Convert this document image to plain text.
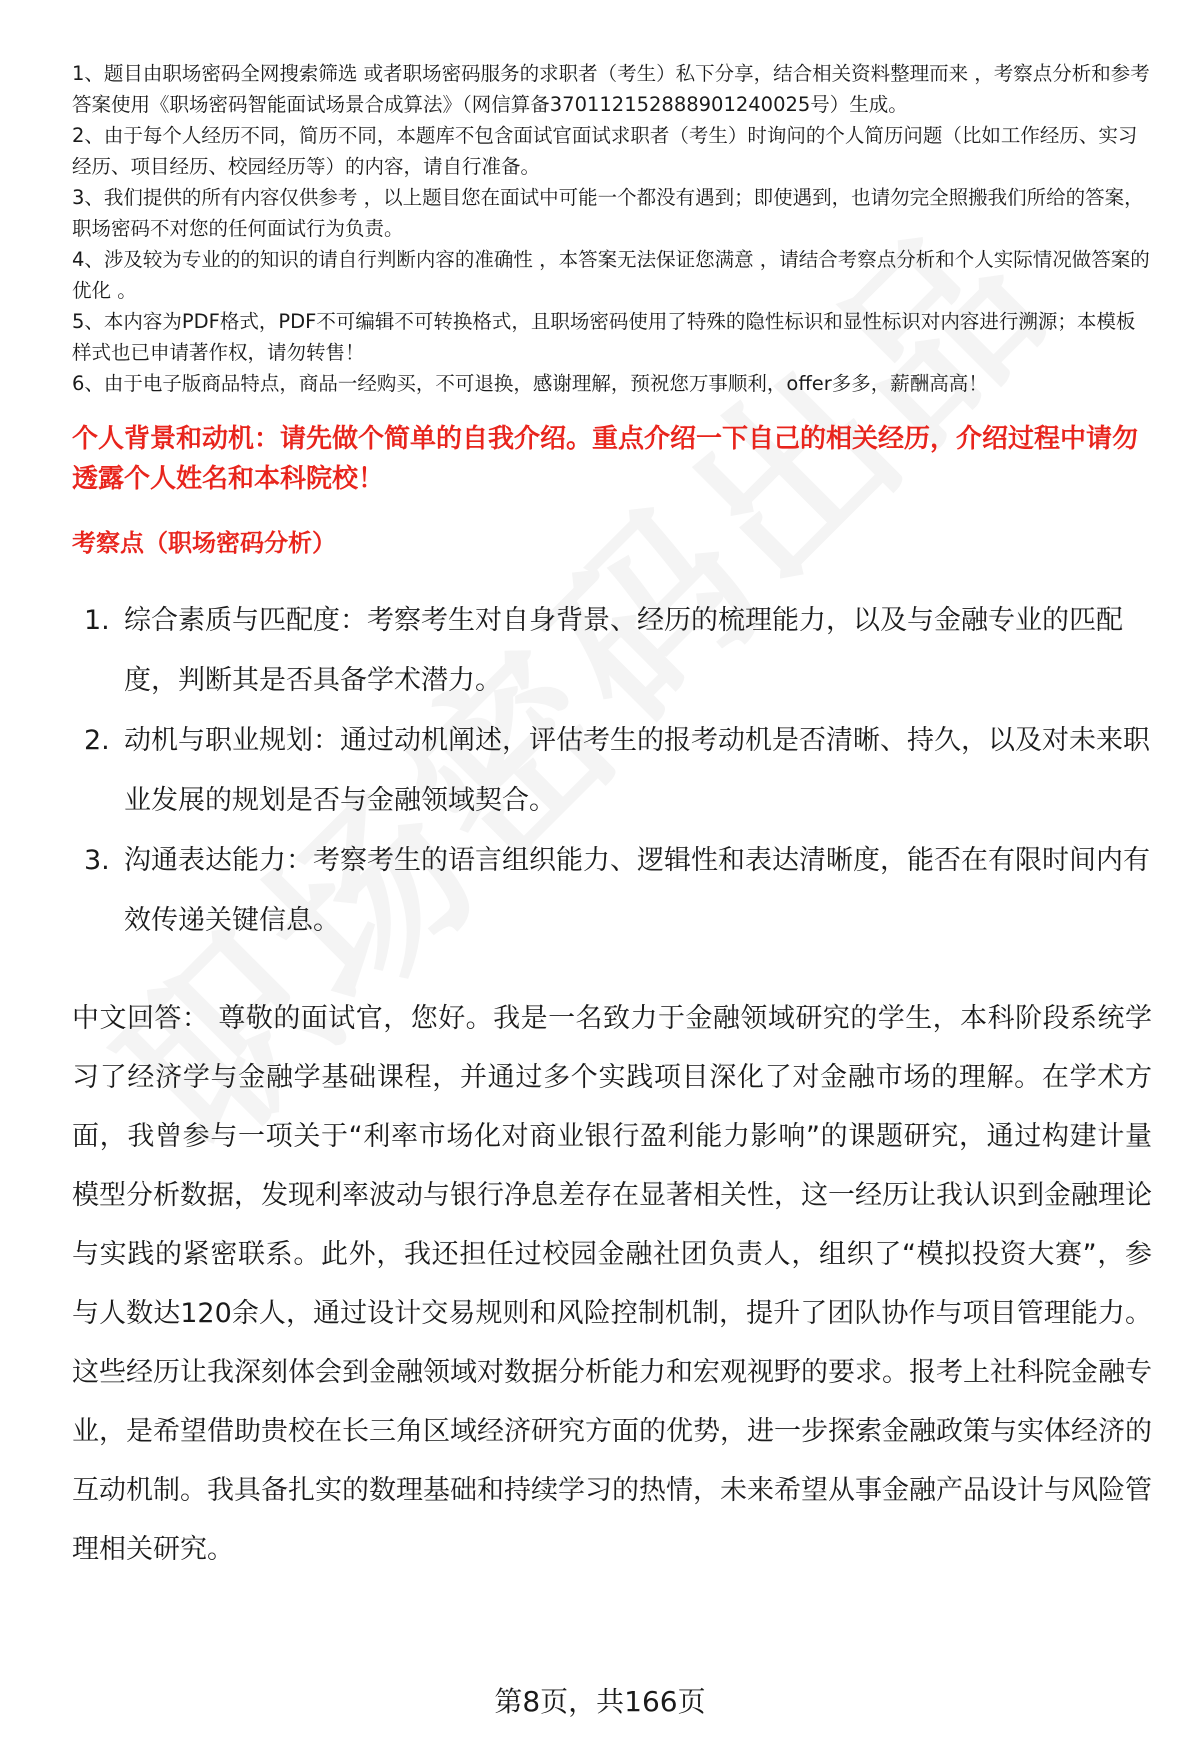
1、题目由职场密码全网搜索筛选 或者职场密码服务的求职者（考生）私下分享，结合相关资料整理而来 ，考察点分析和参考答案使用《职场密码智能面试场景合成算法》（网信算备370112152888901240025号）生成。

2、由于每个人经历不同，简历不同，本题库不包含面试官面试求职者（考生）时询问的个人简历问题（比如工作经历、实习经历、项目经历、校园经历等）的内容，请自行准备。

3、我们提供的所有内容仅供参考 ，以上题目您在面试中可能一个都没有遇到；即使遇到，也请勿完全照搬我们所给的答案，职场密码不对您的任何面试行为负责。

4、涉及较为专业的的知识的请自行判断内容的准确性 ，本答案无法保证您满意 ，请结合考察点分析和个人实际情况做答案的优化 。

5、本内容为PDF格式，PDF不可编辑不可转换格式，且职场密码使用了特殊的隐性标识和显性标识对内容进行溯源；本模板样式也已申请著作权，请勿转售！

6、由于电子版商品特点，商品一经购买，不可退换，感谢理解，预祝您万事顺利，offer多多，薪酬高高！

个人背景和动机：请先做个简单的自我介绍。重点介绍一下自己的相关经历，介绍过程中请勿透露个人姓名和本科院校！

考察点（职场密码分析）

1. 综合素质与匹配度：考察考生对自身背景、经历的梳理能力，以及与金融专业的匹配度，判断其是否具备学术潜力。
2. 动机与职业规划：通过动机阐述，评估考生的报考动机是否清晰、持久，以及对未来职业发展的规划是否与金融领域契合。
3. 沟通表达能力：考察考生的语言组织能力、逻辑性和表达清晰度，能否在有限时间内有效传递关键信息。

中文回答： 尊敬的面试官，您好。我是一名致力于金融领域研究的学生，本科阶段系统学习了经济学与金融学基础课程，并通过多个实践项目深化了对金融市场的理解。在学术方面，我曾参与一项关于“利率市场化对商业银行盈利能力影响”的课题研究，通过构建计量模型分析数据，发现利率波动与银行净息差存在显著相关性，这一经历让我认识到金融理论与实践的紧密联系。此外，我还担任过校园金融社团负责人，组织了“模拟投资大赛”，参与人数达120余人，通过设计交易规则和风险控制机制，提升了团队协作与项目管理能力。这些经历让我深刻体会到金融领域对数据分析能力和宏观视野的要求。报考上社科院金融专业，是希望借助贵校在长三角区域经济研究方面的优势，进一步探索金融政策与实体经济的互动机制。我具备扎实的数理基础和持续学习的热情，未来希望从事金融产品设计与风险管理相关研究。

第8页，共166页
